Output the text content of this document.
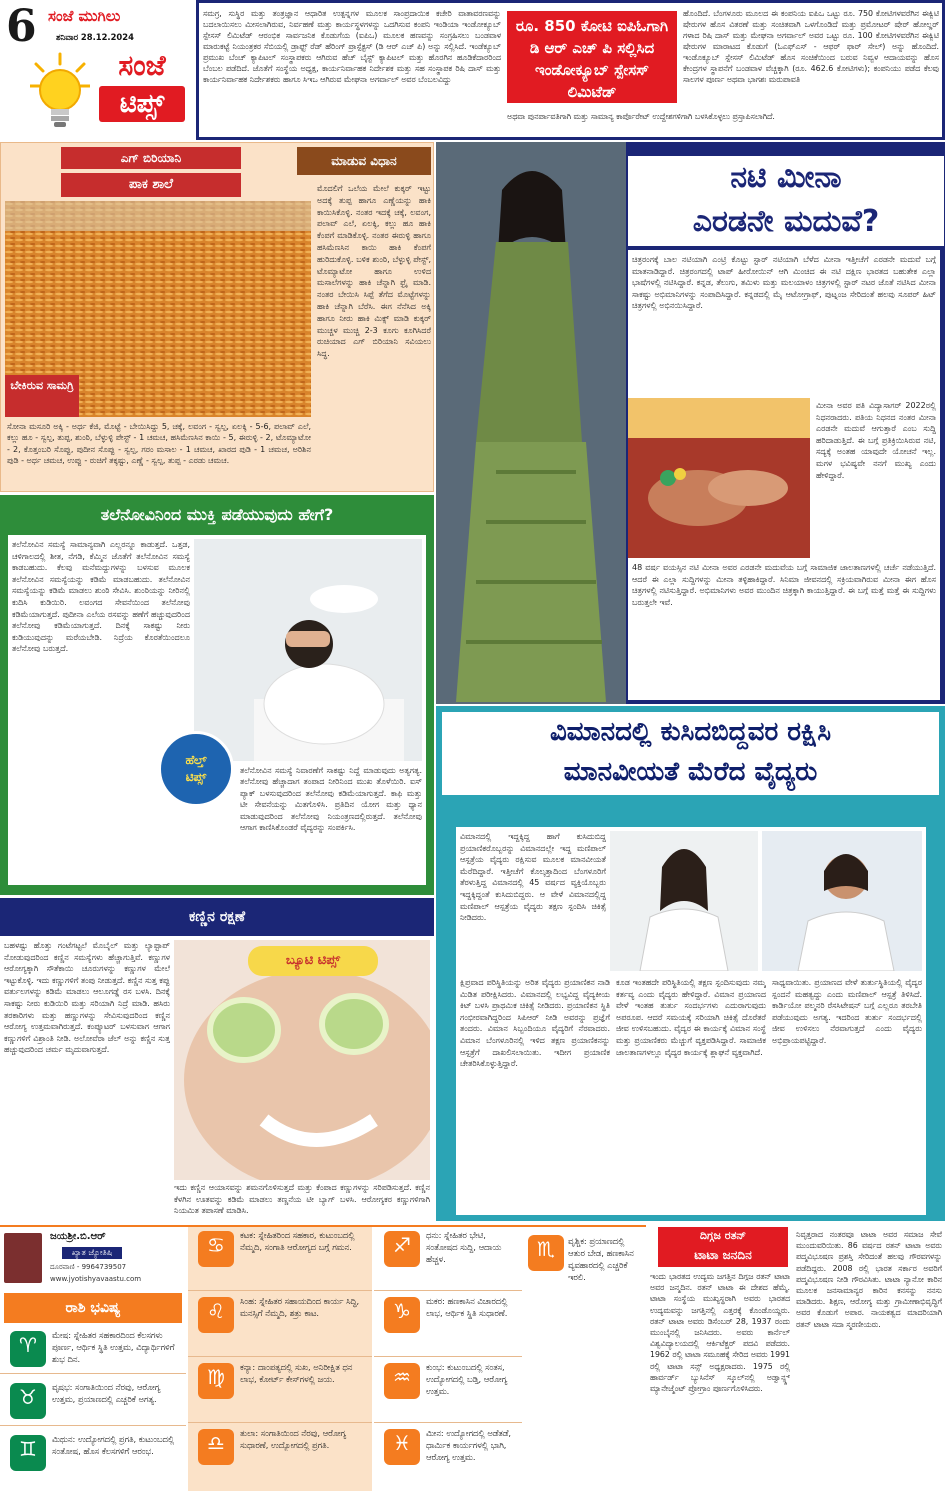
6 ಸಂಜೆ ಮುಗಿಲು
ಶನಿವಾರ 28.12.2024
ಸಂಜೆ
ಟಿಪ್ಸ್
ಸಮಗ್ರ, ಸುಸ್ಥಿರ ಮತ್ತು ತಂತ್ರಜ್ಞಾನ ಆಧಾರಿತ ಉತ್ಪನ್ನಗಳ ಮೂಲಕ ಸಾಂಪ್ರದಾಯಿಕ ಕಚೇರಿ ವಾತಾವರಣವನ್ನು ಬದಲಾಯಿಸಲು ಮೀಸಲಾಗಿರುವ, ನಿರ್ವಹಣೆ ಮತ್ತು ಕಾರ್ಯಸ್ಥಳಗಳನ್ನು ಒದಗಿಸುವ ಕಂಪನಿ ಇಂಡಿಯಾ ಇಂಡೋಕ್ಯೂಬ್ ಸ್ಪೇಸಸ್ ಲಿಮಿಟೆಡ್ ಆರಂಭಿಕ ಸಾರ್ವಜನಿಕ ಕೊಡುಗೆಯ (ಐಪಿಒ) ಮೂಲಕ ಹಣವನ್ನು ಸಂಗ್ರಹಿಸಲು ಬಂಡವಾಳ ಮಾರುಕಟ್ಟೆ ನಿಯಂತ್ರಕರ ಸೆಬಿಯಲ್ಲಿ ಡ್ರಾಫ್ಟ್ ರೆಡ್ ಹೆರಿಂಗ್ ಪ್ರಾಸ್ಪೆಕ್ಟಸ್ (ಡಿ ಆರ್ ಎಚ್ ಪಿ) ಅನ್ನು ಸಲ್ಲಿಸಿದೆ. ಇಂಡೆಕ್ಯೂಬ್ ಪ್ರಮುಖ ಬೆಂಚ್ ಕ್ಯಾಪಿಟಲ್ ಸಂಸ್ಥಾಪಕರು ಆಗಿರುವ ಹೆಚ್ ಬೈಸ್ಟ್ ಕ್ಯಾಪಿಟಲ್ ಮತ್ತು ಹೊರಗಿನ ಹೂಡಿಕೆದಾರರಿಂದ ಬೆಂಬಲ ಪಡೆದಿದೆ. ಜೊತೆಗೆ ಸಂಸ್ಥೆಯ ಅಧ್ಯಕ್ಷ, ಕಾರ್ಯನಿರ್ವಾಹಕ ನಿರ್ದೇಶಕ ಮತ್ತು ಸಹ ಸಂಸ್ಥಾಪಕ ರಿಷಿ ದಾಸ್ ಮತ್ತು ಕಾರ್ಯನಿರ್ವಾಹಕ ನಿರ್ದೇಶಕರು ಹಾಗೂ ಸಿಇಒ ಆಗಿರುವ ಮೇಘನಾ ಅಗರ್ವಾಲ್ ಅವರ ಬೆಂಬಲವಿದ್ದು
ರೂ. 850 ಕೋಟಿ ಐಪಿಓಗಾಗಿ ಡಿ ಆರ್ ಎಚ್ ಪಿ ಸಲ್ಲಿಸಿದ ಇಂಡೋಕ್ಯೂಬ್ ಸ್ಪೇಸಸ್ ಲಿಮಿಟೆಡ್
ಅಥವಾ ಪುನರ್ಪಾವತಿಗಾಗಿ ಮತ್ತು ಸಾಮಾನ್ಯ ಕಾರ್ಪೊರೇಟ್ ಉದ್ದೇಶಗಳಿಗಾಗಿ ಬಳಸಿಕೊಳ್ಳಲು ಪ್ರಸ್ತಾಪಿಸಲಾಗಿದೆ.
ಹೊಂದಿದೆ. ಬೆಂಗಳೂರು ಮೂಲದ ಈ ಕಂಪನಿಯ ಐಪಿಒ ಒಟ್ಟು ರೂ. 750 ಕೋಟಿಗಳವರೆಗಿನ ಈಕ್ವಿಟಿ ಷೇರುಗಳ ಹೊಸ ವಿತರಣೆ ಮತ್ತು ಸಂಚಿತವಾಗಿ ಒಳಗೊಂಡಿದೆ ಮತ್ತು ಪ್ರಮೋಟರ್ ಷೇರ್ ಹೋಲ್ಡರ್ ಗಳಾದ ರಿಷಿ ದಾಸ್ ಮತ್ತು ಮೇಘನಾ ಅಗರ್ವಾಲ್ ಅವರ ಒಟ್ಟು ರೂ. 100 ಕೋಟಿಗಳವರೆಗಿನ ಈಕ್ವಿಟಿ ಷೇರುಗಳ ಮಾರಾಟದ ಕೊಡುಗೆ (ಓಎಫ್ಎಸ್ - ಆಫರ್ ಫಾರ್ ಸೇಲ್) ಅನ್ನು ಹೊಂದಿದೆ. ಇಂಡೊಕ್ಯೂಬ್ ಸ್ಪೇಸಸ್ ಲಿಮಿಟೆಡ್ ಹೊಸ ಸಂಚಿಕೆಯಿಂದ ಬರುವ ನಿವ್ವಳ ಆದಾಯವನ್ನು ಹೊಸ ಕೇಂದ್ರಗಳ ಸ್ಥಾಪನೆಗೆ ಬಂಡವಾಳ ವೆಚ್ಚಕ್ಕಾಗಿ (ರೂ. 462.6 ಕೋಟಿಗಳು); ಕಂಪನಿಯು ಪಡೆದ ಕೆಲವು ಸಾಲಗಳ ಪೂರ್ಣ ಅಥವಾ ಭಾಗಶಃ ಮರುಪಾವತಿ
ಎಗ್ ಬಿರಿಯಾನಿ	ಮಾಡುವ ವಿಧಾನ
ಪಾಕ ಶಾಲೆ
ಬೇಕಿರುವ ಸಾಮಗ್ರಿ
ಮೊದಲಿಗೆ ಒಲೆಯ ಮೇಲೆ ಕುಕ್ಕರ್ ಇಟ್ಟು ಅದಕ್ಕೆ ತುಪ್ಪ ಹಾಗೂ ಎಣ್ಣೆಯನ್ನು ಹಾಕಿ ಕಾಯಿಸಿಕೊಳ್ಳಿ. ನಂತರ ಇದಕ್ಕೆ ಚಕ್ಕೆ, ಲವಂಗ, ಪಲಾವ್ ಎಲೆ, ಏಲಕ್ಕಿ, ಕಲ್ಲು ಹೂ ಹಾಕಿ ಕೆಂಪಗೆ ಮಾಡಿಕೊಳ್ಳಿ. ನಂತರ ಈರುಳ್ಳಿ ಹಾಗೂ ಹಸಿಮೆಣಸಿನ ಕಾಯಿ ಹಾಕಿ ಕೆಂಪಗೆ ಹುರಿದುಕೊಳ್ಳಿ. ಬಳಿಕ ಶುಂಠಿ, ಬೆಳ್ಳುಳ್ಳಿ ಪೇಸ್ಟ್, ಟೊಮ್ಯಾಟೋ ಹಾಗೂ ಉಳಿದ ಮಸಾಲೆಗಳನ್ನು ಹಾಕಿ ಚೆನ್ನಾಗಿ ಫ್ರೈ ಮಾಡಿ. ನಂತರ ಬೇಯಿಸಿ ಸಿಪ್ಪೆ ತೆಗೆದ ಮೊಟ್ಟೆಗಳನ್ನು ಹಾಕಿ ಚೆನ್ನಾಗಿ ಬೆರೆಸಿ. ಈಗ ನೆನೆಸಿದ ಅಕ್ಕಿ ಹಾಗೂ ನೀರು ಹಾಕಿ ಮಿಕ್ಸ್ ಮಾಡಿ ಕುಕ್ಕರ್ ಮುಚ್ಚಳ ಮುಚ್ಚಿ 2-3 ಕೂಗು ಕೂಗಿಸಿದರೆ ರುಚಿಯಾದ ಎಗ್ ಬಿರಿಯಾನಿ ಸವಿಯಲು ಸಿದ್ಧ.
ಸೋನಾ ಮಸೂರಿ ಅಕ್ಕಿ - ಅರ್ಧ ಕೆಜಿ, ಮೊಟ್ಟೆ - ಬೇಯಿಸಿದ್ದು 5, ಚಕ್ಕೆ, ಲವಂಗ - ಸ್ವಲ್ಪ, ಏಲಕ್ಕಿ - 5-6, ಪಲಾವ್ ಎಲೆ, ಕಲ್ಲು ಹೂ - ಸ್ವಲ್ಪ, ತುಪ್ಪ, ಶುಂಠಿ, ಬೆಳ್ಳುಳ್ಳಿ ಪೇಸ್ಟ್ - 1 ಚಮಚ, ಹಸಿಮೆಣಸಿನ ಕಾಯಿ - 5, ಈರುಳ್ಳಿ - 2, ಟೊಮ್ಯಾಟೋ - 2, ಕೊತ್ತಂಬರಿ ಸೊಪ್ಪು, ಪುದೀನ ಸೊಪ್ಪು - ಸ್ವಲ್ಪ, ಗರಂ ಮಸಾಲ - 1 ಚಮಚ, ಖಾರದ ಪುಡಿ - 1 ಚಮಚ, ಅರಿಶಿನ ಪುಡಿ - ಅರ್ಧ ಚಮಚ, ಉಪ್ಪು - ರುಚಿಗೆ ತಕ್ಕಷ್ಟು, ಎಣ್ಣೆ - ಸ್ವಲ್ಪ, ತುಪ್ಪ - ಎರಡು ಚಮಚ.
ತಲೆನೋವಿನಿಂದ ಮುಕ್ತಿ ಪಡೆಯುವುದು ಹೇಗೆ?
ತಲೆನೋವಿನ ಸಮಸ್ಯೆ ಸಾಮಾನ್ಯವಾಗಿ ಎಲ್ಲರನ್ನೂ ಕಾಡುತ್ತದೆ. ಒತ್ತಡ, ಚಳಿಗಾಲದಲ್ಲಿ ಶೀತ, ನೆಗಡಿ, ಕೆಮ್ಮಿನ ಜೊತೆಗೆ ತಲೆನೋವಿನ ಸಮಸ್ಯೆ ಕಾಡಬಹುದು. ಕೆಲವು ಮನೆಮದ್ದುಗಳನ್ನು ಬಳಸುವ ಮೂಲಕ ತಲೆನೋವಿನ ಸಮಸ್ಯೆಯನ್ನು ಕಡಿಮೆ ಮಾಡಬಹುದು. ತಲೆನೋವಿನ ಸಮಸ್ಯೆಯನ್ನು ಕಡಿಮೆ ಮಾಡಲು ಶುಂಠಿ ಸೇವಿಸಿ. ಶುಂಠಿಯನ್ನು ನೀರಿನಲ್ಲಿ ಕುದಿಸಿ ಕುಡಿಯಿರಿ. ಲವಂಗದ ಸೇವನೆಯಿಂದ ತಲೆನೋವು ಕಡಿಮೆಯಾಗುತ್ತದೆ. ಪುದೀನಾ ಎಲೆಯ ರಸವನ್ನು ಹಣೆಗೆ ಹಚ್ಚುವುದರಿಂದ ತಲೆನೋವು ಕಡಿಮೆಯಾಗುತ್ತದೆ. ದಿನಕ್ಕೆ ಸಾಕಷ್ಟು ನೀರು ಕುಡಿಯುವುದನ್ನು ಮರೆಯಬೇಡಿ. ನಿದ್ರೆಯ ಕೊರತೆಯಿಂದಲೂ ತಲೆನೋವು ಬರುತ್ತದೆ.
ಹೆಲ್ತ್
ಟಿಪ್ಸ್	ತಲೆನೋವಿನ ಸಮಸ್ಯೆ ನಿವಾರಣೆಗೆ ಸಾಕಷ್ಟು ನಿದ್ದೆ ಮಾಡುವುದು ಅತ್ಯಗತ್ಯ. ತಲೆನೋವು ಹೆಚ್ಚಾದಾಗ ತಂಪಾದ ನೀರಿನಿಂದ ಮುಖ ತೊಳೆಯಿರಿ. ಐಸ್ ಪ್ಯಾಕ್ ಬಳಸುವುದರಿಂದ ತಲೆನೋವು ಕಡಿಮೆಯಾಗುತ್ತದೆ. ಕಾಫಿ ಮತ್ತು ಟೀ ಸೇವನೆಯನ್ನು ಮಿತಗೊಳಿಸಿ. ಪ್ರತಿದಿನ ಯೋಗ ಮತ್ತು ಧ್ಯಾನ ಮಾಡುವುದರಿಂದ ತಲೆನೋವು ನಿಯಂತ್ರಣದಲ್ಲಿರುತ್ತದೆ. ತಲೆನೋವು ಆಗಾಗ ಕಾಣಿಸಿಕೊಂಡರೆ ವೈದ್ಯರನ್ನು ಸಂಪರ್ಕಿಸಿ.
ನಟಿ ಮೀನಾ
ಎರಡನೇ ಮದುವೆ?
ಚಿತ್ರರಂಗಕ್ಕೆ ಬಾಲ ನಟಿಯಾಗಿ ಎಂಟ್ರಿ ಕೊಟ್ಟು ಸ್ಟಾರ್ ನಟಿಯಾಗಿ ಬೆಳೆದ ಮೀನಾ ಇತ್ತೀಚೆಗೆ ಎರಡನೇ ಮದುವೆ ಬಗ್ಗೆ ಮಾತನಾಡಿದ್ದಾರೆ. ಚಿತ್ರರಂಗದಲ್ಲಿ ಟಾಪ್ ಹೀರೋಯಿನ್ ಆಗಿ ಮಿಂಚಿದ ಈ ನಟಿ ದಕ್ಷಿಣ ಭಾರತದ ಬಹುತೇಕ ಎಲ್ಲಾ ಭಾಷೆಗಳಲ್ಲಿ ನಟಿಸಿದ್ದಾರೆ. ಕನ್ನಡ, ತೆಲುಗು, ತಮಿಳು ಮತ್ತು ಮಲಯಾಳಂ ಚಿತ್ರಗಳಲ್ಲಿ ಸ್ಟಾರ್ ನಟರ ಜೊತೆ ನಟಿಸಿದ ಮೀನಾ ಸಾಕಷ್ಟು ಅಭಿಮಾನಿಗಳನ್ನು ಸಂಪಾದಿಸಿದ್ದಾರೆ. ಕನ್ನಡದಲ್ಲಿ ಮೈ ಆಟೋಗ್ರಾಫ್, ಪುಟ್ನಂಜ ಸೇರಿದಂತೆ ಹಲವು ಸೂಪರ್ ಹಿಟ್ ಚಿತ್ರಗಳಲ್ಲಿ ಅಭಿನಯಿಸಿದ್ದಾರೆ.
ಮೀನಾ ಅವರ ಪತಿ ವಿದ್ಯಾಸಾಗರ್ 2022ರಲ್ಲಿ ನಿಧನರಾದರು. ಪತಿಯ ನಿಧನದ ನಂತರ ಮೀನಾ ಎರಡನೇ ಮದುವೆ ಆಗುತ್ತಾರೆ ಎಂಬ ಸುದ್ದಿ ಹರಿದಾಡುತ್ತಿದೆ. ಈ ಬಗ್ಗೆ ಪ್ರತಿಕ್ರಿಯಿಸಿರುವ ನಟಿ, ಸದ್ಯಕ್ಕೆ ಅಂತಹ ಯಾವುದೇ ಯೋಚನೆ ಇಲ್ಲ. ಮಗಳ ಭವಿಷ್ಯವೇ ನನಗೆ ಮುಖ್ಯ ಎಂದು ಹೇಳಿದ್ದಾರೆ.
48 ವರ್ಷ ವಯಸ್ಸಿನ ನಟಿ ಮೀನಾ ಅವರ ಎರಡನೇ ಮದುವೆಯ ಬಗ್ಗೆ ಸಾಮಾಜಿಕ ಜಾಲತಾಣಗಳಲ್ಲಿ ಚರ್ಚೆ ನಡೆಯುತ್ತಿದೆ. ಆದರೆ ಈ ಎಲ್ಲಾ ಸುದ್ದಿಗಳನ್ನು ಮೀನಾ ತಳ್ಳಿಹಾಕಿದ್ದಾರೆ. ಸಿನಿಮಾ ಜೀವನದಲ್ಲಿ ಸಕ್ರಿಯವಾಗಿರುವ ಮೀನಾ ಈಗ ಹೊಸ ಚಿತ್ರಗಳಲ್ಲಿ ನಟಿಸುತ್ತಿದ್ದಾರೆ. ಅಭಿಮಾನಿಗಳು ಅವರ ಮುಂದಿನ ಚಿತ್ರಕ್ಕಾಗಿ ಕಾಯುತ್ತಿದ್ದಾರೆ. ಈ ಬಗ್ಗೆ ಮತ್ತೆ ಮತ್ತೆ ಈ ಸುದ್ದಿಗಳು ಬರುತ್ತಲೇ ಇವೆ.
ವಿಮಾನದಲ್ಲಿ ಕುಸಿದಬಿದ್ದವರ ರಕ್ಷಿಸಿ
ಮಾನವೀಯತೆ ಮೆರೆದ ವೈದ್ಯರು
ವಿಮಾನದಲ್ಲಿ ಇದ್ದಕ್ಕಿದ್ದ ಹಾಗೆ ಕುಸಿದುಬಿದ್ದ ಪ್ರಯಾಣಿಕರೊಬ್ಬರನ್ನು ವಿಮಾನದಲ್ಲೇ ಇದ್ದ ಮಣಿಪಾಲ್ ಆಸ್ಪತ್ರೆಯ ವೈದ್ಯರು ರಕ್ಷಿಸುವ ಮೂಲಕ ಮಾನವೀಯತೆ ಮೆರೆದಿದ್ದಾರೆ. ಇತ್ತೀಚೆಗೆ ಕೊಲ್ಕತ್ತಾದಿಂದ ಬೆಂಗಳೂರಿಗೆ ತೆರಳುತ್ತಿದ್ದ ವಿಮಾನದಲ್ಲಿ 45 ವರ್ಷದ ವ್ಯಕ್ತಿಯೊಬ್ಬರು ಇದ್ದಕ್ಕಿದ್ದಂತೆ ಕುಸಿದುಬಿದ್ದರು. ಆ ವೇಳೆ ವಿಮಾನದಲ್ಲಿದ್ದ ಮಣಿಪಾಲ್ ಆಸ್ಪತ್ರೆಯ ವೈದ್ಯರು ತಕ್ಷಣ ಸ್ಪಂದಿಸಿ ಚಿಕಿತ್ಸೆ ನೀಡಿದರು.
ಕ್ಷಿಪ್ರವಾದ ಪರಿಸ್ಥಿತಿಯನ್ನು ಅರಿತ ವೈದ್ಯರು ಪ್ರಯಾಣಿಕನ ನಾಡಿ ಮಿಡಿತ ಪರೀಕ್ಷಿಸಿದರು. ವಿಮಾನದಲ್ಲಿ ಲಭ್ಯವಿದ್ದ ವೈದ್ಯಕೀಯ ಕಿಟ್ ಬಳಸಿ ಪ್ರಾಥಮಿಕ ಚಿಕಿತ್ಸೆ ನೀಡಿದರು. ಪ್ರಯಾಣಿಕನ ಸ್ಥಿತಿ ಗಂಭೀರವಾಗಿದ್ದರಿಂದ ಸಿಪಿಆರ್ ನೀಡಿ ಅವರನ್ನು ಪ್ರಜ್ಞೆಗೆ ತಂದರು. ವಿಮಾನ ಸಿಬ್ಬಂದಿಯೂ ವೈದ್ಯರಿಗೆ ನೆರವಾದರು. ವಿಮಾನ ಬೆಂಗಳೂರಿನಲ್ಲಿ ಇಳಿದ ತಕ್ಷಣ ಪ್ರಯಾಣಿಕನನ್ನು ಆಸ್ಪತ್ರೆಗೆ ದಾಖಲಿಸಲಾಯಿತು. ಇದೀಗ ಪ್ರಯಾಣಿಕ ಚೇತರಿಸಿಕೊಳ್ಳುತ್ತಿದ್ದಾರೆ.
ಕೂಡ ಇಂತಹದೇ ಪರಿಸ್ಥಿತಿಯಲ್ಲಿ ತಕ್ಷಣ ಸ್ಪಂದಿಸುವುದು ನಮ್ಮ ಕರ್ತವ್ಯ ಎಂದು ವೈದ್ಯರು ಹೇಳಿದ್ದಾರೆ. ವಿಮಾನ ಪ್ರಯಾಣದ ವೇಳೆ ಇಂತಹ ತುರ್ತು ಸಂದರ್ಭಗಳು ಎದುರಾಗುವುದು ಅಪರೂಪ. ಆದರೆ ಸಮಯಕ್ಕೆ ಸರಿಯಾಗಿ ಚಿಕಿತ್ಸೆ ದೊರೆತರೆ ಜೀವ ಉಳಿಸಬಹುದು. ವೈದ್ಯರ ಈ ಕಾರ್ಯಕ್ಕೆ ವಿಮಾನ ಸಂಸ್ಥೆ ಮತ್ತು ಪ್ರಯಾಣಿಕರು ಮೆಚ್ಚುಗೆ ವ್ಯಕ್ತಪಡಿಸಿದ್ದಾರೆ. ಸಾಮಾಜಿಕ ಜಾಲತಾಣಗಳಲ್ಲೂ ವೈದ್ಯರ ಕಾರ್ಯಕ್ಕೆ ಶ್ಲಾಘನೆ ವ್ಯಕ್ತವಾಗಿದೆ.
ಸಾಧ್ಯವಾಯಿತು. ಪ್ರಯಾಣದ ವೇಳೆ ತುರ್ತುಸ್ಥಿತಿಯಲ್ಲಿ ವೈದ್ಯರ ಸ್ಪಂದನೆ ಮಹತ್ವದ್ದು ಎಂದು ಮಣಿಪಾಲ್ ಆಸ್ಪತ್ರೆ ತಿಳಿಸಿದೆ. ಕಾರ್ಡಿಯೋ ಪಲ್ಮನರಿ ರೆಸಸಿಟೇಷನ್ ಬಗ್ಗೆ ಎಲ್ಲರೂ ತರಬೇತಿ ಪಡೆಯುವುದು ಅಗತ್ಯ. ಇದರಿಂದ ತುರ್ತು ಸಂದರ್ಭದಲ್ಲಿ ಜೀವ ಉಳಿಸಲು ನೆರವಾಗುತ್ತದೆ ಎಂದು ವೈದ್ಯರು ಅಭಿಪ್ರಾಯಪಟ್ಟಿದ್ದಾರೆ.
ಕಣ್ಣಿನ ರಕ್ಷಣೆ
ಬಹಳಷ್ಟು ಹೊತ್ತು ಗಂಟೆಗಟ್ಟಲೆ ಮೊಬೈಲ್ ಮತ್ತು ಲ್ಯಾಪ್ಟಾಪ್ ನೋಡುವುದರಿಂದ ಕಣ್ಣಿನ ಸಮಸ್ಯೆಗಳು ಹೆಚ್ಚಾಗುತ್ತಿವೆ. ಕಣ್ಣುಗಳ ಆರೋಗ್ಯಕ್ಕಾಗಿ ಸೌತೆಕಾಯಿ ಚೂರುಗಳನ್ನು ಕಣ್ಣುಗಳ ಮೇಲೆ ಇಟ್ಟುಕೊಳ್ಳಿ. ಇದು ಕಣ್ಣುಗಳಿಗೆ ತಂಪು ನೀಡುತ್ತದೆ. ಕಣ್ಣಿನ ಸುತ್ತ ಕಪ್ಪು ವರ್ತುಲಗಳನ್ನು ಕಡಿಮೆ ಮಾಡಲು ಆಲೂಗಡ್ಡೆ ರಸ ಬಳಸಿ. ದಿನಕ್ಕೆ ಸಾಕಷ್ಟು ನೀರು ಕುಡಿಯಿರಿ ಮತ್ತು ಸರಿಯಾಗಿ ನಿದ್ರೆ ಮಾಡಿ. ಹಸಿರು ತರಕಾರಿಗಳು ಮತ್ತು ಹಣ್ಣುಗಳನ್ನು ಸೇವಿಸುವುದರಿಂದ ಕಣ್ಣಿನ ಆರೋಗ್ಯ ಉತ್ತಮವಾಗಿರುತ್ತದೆ. ಕಂಪ್ಯೂಟರ್ ಬಳಸುವಾಗ ಆಗಾಗ ಕಣ್ಣುಗಳಿಗೆ ವಿಶ್ರಾಂತಿ ನೀಡಿ. ಅಲೋವೆರಾ ಜೆಲ್ ಅನ್ನು ಕಣ್ಣಿನ ಸುತ್ತ ಹಚ್ಚುವುದರಿಂದ ಚರ್ಮ ಮೃದುವಾಗುತ್ತದೆ.
ಬ್ಯೂಟಿ ಟಿಪ್ಸ್
ಇದು ಕಣ್ಣಿನ ಆಯಾಸವನ್ನು ಶಮನಗೊಳಿಸುತ್ತದೆ ಮತ್ತು ಕೆಂಪಾದ ಕಣ್ಣುಗಳನ್ನು ಸರಿಪಡಿಸುತ್ತದೆ. ಕಣ್ಣಿನ ಕೆಳಗಿನ ಊತವನ್ನು ಕಡಿಮೆ ಮಾಡಲು ತಣ್ಣನೆಯ ಟೀ ಬ್ಯಾಗ್ ಬಳಸಿ. ಆರೋಗ್ಯಕರ ಕಣ್ಣುಗಳಿಗಾಗಿ ನಿಯಮಿತ ತಪಾಸಣೆ ಮಾಡಿಸಿ.
ಜಯಶ್ರೀ.ಬಿ.ಆರ್
ಖ್ಯಾತ ಜ್ಯೋತಿಷಿ
ದೂರವಾಣಿ - 9964739507
www.jyotishyavaastu.com
ರಾಶಿ ಭವಿಷ್ಯ
♈	ಮೇಷ: ಸ್ನೇಹಿತರ ಸಹಕಾರದಿಂದ ಕೆಲಸಗಳು ಪೂರ್ಣ, ಆರ್ಥಿಕ ಸ್ಥಿತಿ ಉತ್ತಮ, ವಿದ್ಯಾರ್ಥಿಗಳಿಗೆ ಶುಭ ದಿನ.
♉	ವೃಷಭ: ಸಂಗಾತಿಯಿಂದ ನೆರವು, ಆರೋಗ್ಯ ಉತ್ತಮ, ಪ್ರಯಾಣದಲ್ಲಿ ಎಚ್ಚರಿಕೆ ಅಗತ್ಯ.
♊	ಮಿಥುನ: ಉದ್ಯೋಗದಲ್ಲಿ ಪ್ರಗತಿ, ಕುಟುಂಬದಲ್ಲಿ ಸಂತೋಷ, ಹೊಸ ಕೆಲಸಗಳಿಗೆ ಆರಂಭ.
♋	ಕಟಕ: ಸ್ನೇಹಿತರಿಂದ ಸಹಕಾರ, ಕುಟುಂಬದಲ್ಲಿ ನೆಮ್ಮದಿ, ಸಂಗಾತಿ ಆರೋಗ್ಯದ ಬಗ್ಗೆ ಗಮನ.
♌	ಸಿಂಹ: ಸ್ನೇಹಿತರ ಸಹಾಯದಿಂದ ಕಾರ್ಯ ಸಿದ್ಧಿ, ಮನಸ್ಸಿಗೆ ನೆಮ್ಮದಿ, ಶತ್ರು ಕಾಟ.
♍	ಕನ್ಯಾ: ದಾಂಪತ್ಯದಲ್ಲಿ ಸುಖ, ಅನಿರೀಕ್ಷಿತ ಧನ ಲಾಭ, ಕೋರ್ಟ್ ಕೇಸ್‌ಗಳಲ್ಲಿ ಜಯ.
♎	ತುಲಾ: ಸಂಗಾತಿಯಿಂದ ನೆರವು, ಆರೋಗ್ಯ ಸುಧಾರಣೆ, ಉದ್ಯೋಗದಲ್ಲಿ ಪ್ರಗತಿ.
♐	ಧನು: ಸ್ನೇಹಿತರ ಭೇಟಿ, ಸಂತೋಷದ ಸುದ್ದಿ, ಆದಾಯ ಹೆಚ್ಚಳ.
♑	ಮಕರ: ಹಣಕಾಸಿನ ವಿಚಾರದಲ್ಲಿ ಲಾಭ, ಆರ್ಥಿಕ ಸ್ಥಿತಿ ಸುಧಾರಣೆ.
♒	ಕುಂಭ: ಕುಟುಂಬದಲ್ಲಿ ಸಂತಸ, ಉದ್ಯೋಗದಲ್ಲಿ ಬಡ್ತಿ, ಆರೋಗ್ಯ ಉತ್ತಮ.
♓	ಮೀನ: ಉದ್ಯೋಗದಲ್ಲಿ ಅಡೆತಡೆ, ಧಾರ್ಮಿಕ ಕಾರ್ಯಗಳಲ್ಲಿ ಭಾಗಿ, ಆರೋಗ್ಯ ಉತ್ತಮ.
♏	ವೃಶ್ಚಿಕ: ಪ್ರಯಾಣದಲ್ಲಿ ಆತುರ ಬೇಡ, ಹಣಕಾಸಿನ ವ್ಯವಹಾರದಲ್ಲಿ ಎಚ್ಚರಿಕೆ ಇರಲಿ.
ದಿಗ್ಗಜ ರತನ್
ಟಾಟಾ ಜನದಿನ
ಇಂದು ಭಾರತದ ಉದ್ಯಮ ಜಗತ್ತಿನ ದಿಗ್ಗಜ ರತನ್ ಟಾಟಾ ಅವರ ಜನ್ಮದಿನ. ರತನ್ ಟಾಟಾ ಈ ದೇಶದ ಹೆಮ್ಮೆ. ಟಾಟಾ ಸಂಸ್ಥೆಯ ಮುಖ್ಯಸ್ಥರಾಗಿ ಅವರು ಭಾರತದ ಉದ್ಯಮವನ್ನು ಜಗತ್ತಿನಲ್ಲಿ ಎತ್ತರಕ್ಕೆ ಕೊಂಡೊಯ್ದರು. ರತನ್ ಟಾಟಾ ಅವರು ಡಿಸೆಂಬರ್ 28, 1937 ರಂದು ಮುಂಬೈನಲ್ಲಿ ಜನಿಸಿದರು. ಅವರು ಕಾರ್ನೆಲ್ ವಿಶ್ವವಿದ್ಯಾಲಯದಲ್ಲಿ ಆರ್ಕಿಟೆಕ್ಚರ್ ಪದವಿ ಪಡೆದರು. 1962 ರಲ್ಲಿ ಟಾಟಾ ಸಮೂಹಕ್ಕೆ ಸೇರಿದ ಅವರು 1991 ರಲ್ಲಿ ಟಾಟಾ ಸನ್ಸ್ ಅಧ್ಯಕ್ಷರಾದರು. 1975 ರಲ್ಲಿ ಹಾರ್ವರ್ಡ್ ಬ್ಯುಸಿನೆಸ್ ಸ್ಕೂಲ್‌ನಲ್ಲಿ ಅಡ್ವಾನ್ಸ್ಡ್ ಮ್ಯಾನೇಜ್ಮೆಂಟ್ ಪ್ರೋಗ್ರಾಂ ಪೂರ್ಣಗೊಳಿಸಿದರು.
ನಿವೃತ್ತರಾದ ನಂತರವೂ ಟಾಟಾ ಅವರ ಸಮಾಜ ಸೇವೆ ಮುಂದುವರಿಯಿತು. 86 ವರ್ಷದ ರತನ್ ಟಾಟಾ ಅವರು ಪದ್ಮವಿಭೂಷಣ ಪ್ರಶಸ್ತಿ ಸೇರಿದಂತೆ ಹಲವು ಗೌರವಗಳನ್ನು ಪಡೆದಿದ್ದರು. 2008 ರಲ್ಲಿ ಭಾರತ ಸರ್ಕಾರ ಅವರಿಗೆ ಪದ್ಮವಿಭೂಷಣ ನೀಡಿ ಗೌರವಿಸಿತು. ಟಾಟಾ ನ್ಯಾನೋ ಕಾರಿನ ಮೂಲಕ ಜನಸಾಮಾನ್ಯರ ಕಾರಿನ ಕನಸನ್ನು ನನಸು ಮಾಡಿದರು. ಶಿಕ್ಷಣ, ಆರೋಗ್ಯ ಮತ್ತು ಗ್ರಾಮೀಣಾಭಿವೃದ್ಧಿಗೆ ಅವರ ಕೊಡುಗೆ ಅಪಾರ. ನಾಯಕತ್ವದ ಮಾದರಿಯಾಗಿ ರತನ್ ಟಾಟಾ ಸದಾ ಸ್ಮರಣೀಯರು.
